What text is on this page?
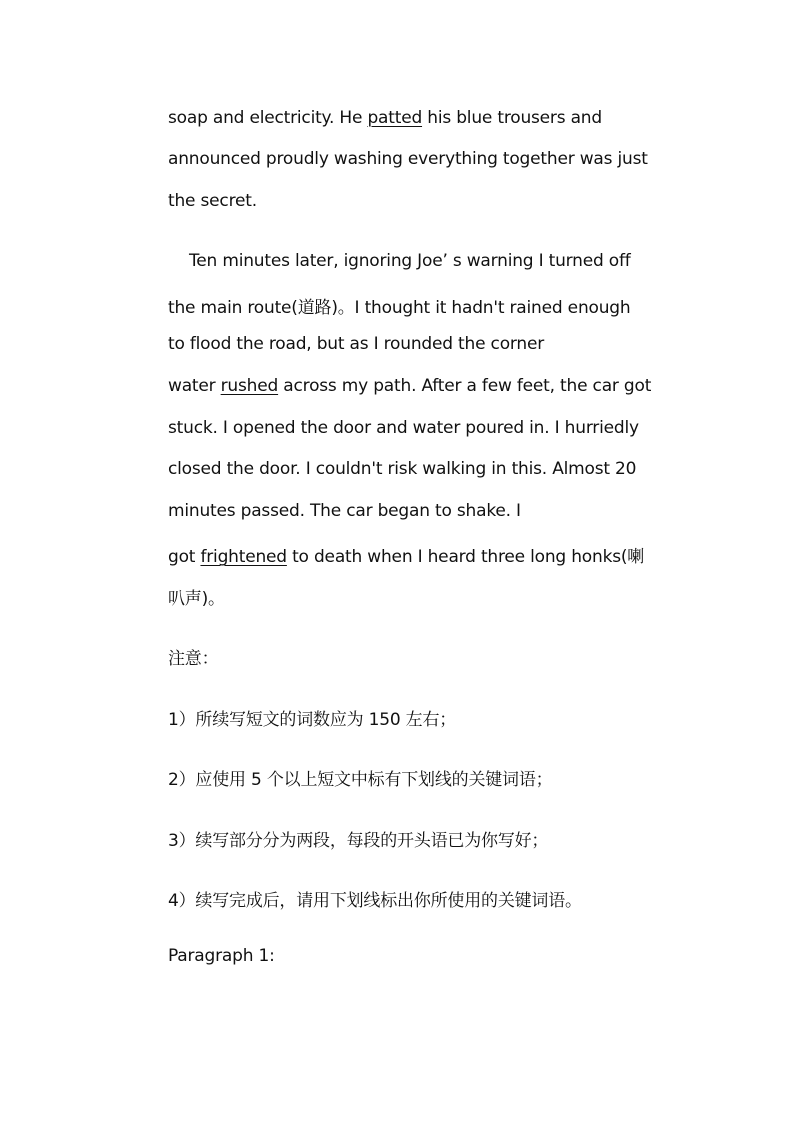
soap and electricity. He patted his blue trousers and
announced proudly washing everything together was just
the secret.
Ten minutes later, ignoring Joe’ s warning I turned off
the main route(道路)。I thought it hadn't rained enough
to flood the road, but as I rounded the corner
water rushed across my path. After a few feet, the car got
stuck. I opened the door and water poured in. I hurriedly
closed the door. I couldn't risk walking in this. Almost 20
minutes passed. The car began to shake. I
got frightened to death when I heard three long honks(喇
叭声)。
注意：
1）所续写短文的词数应为 150 左右；
2）应使用 5 个以上短文中标有下划线的关键词语；
3）续写部分分为两段，每段的开头语已为你写好；
4）续写完成后，请用下划线标出你所使用的关键词语。
Paragraph 1:
